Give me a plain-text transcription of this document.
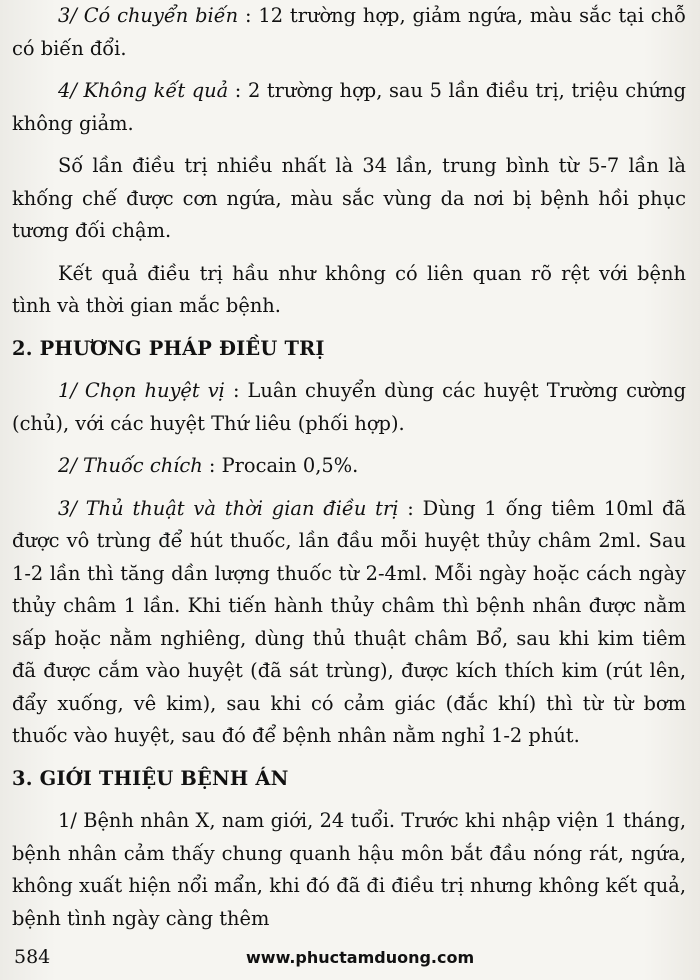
3/ Có chuyển biến : 12 trường hợp, giảm ngứa, màu sắc tại chỗ có biến đổi.

4/ Không kết quả : 2 trường hợp, sau 5 lần điều trị, triệu chứng không giảm.

Số lần điều trị nhiều nhất là 34 lần, trung bình từ 5-7 lần là khống chế được cơn ngứa, màu sắc vùng da nơi bị bệnh hồi phục tương đối chậm.

Kết quả điều trị hầu như không có liên quan rõ rệt với bệnh tình và thời gian mắc bệnh.

2. PHƯƠNG PHÁP ĐIỀU TRỊ

1/ Chọn huyệt vị : Luân chuyển dùng các huyệt Trường cường (chủ), với các huyệt Thứ liêu (phối hợp).

2/ Thuốc chích : Procain 0,5%.

3/ Thủ thuật và thời gian điều trị : Dùng 1 ống tiêm 10ml đã được vô trùng để hút thuốc, lần đầu mỗi huyệt thủy châm 2ml. Sau 1-2 lần thì tăng dần lượng thuốc từ 2-4ml. Mỗi ngày hoặc cách ngày thủy châm 1 lần. Khi tiến hành thủy châm thì bệnh nhân được nằm sấp hoặc nằm nghiêng, dùng thủ thuật châm Bổ, sau khi kim tiêm đã được cắm vào huyệt (đã sát trùng), được kích thích kim (rút lên, đẩy xuống, vê kim), sau khi có cảm giác (đắc khí) thì từ từ bơm thuốc vào huyệt, sau đó để bệnh nhân nằm nghỉ 1-2 phút.

3. GIỚI THIỆU BỆNH ÁN

1/ Bệnh nhân X, nam giới, 24 tuổi. Trước khi nhập viện 1 tháng, bệnh nhân cảm thấy chung quanh hậu môn bắt đầu nóng rát, ngứa, không xuất hiện nổi mẩn, khi đó đã đi điều trị nhưng không kết quả, bệnh tình ngày càng thêm

584	www.phuctamduong.com
